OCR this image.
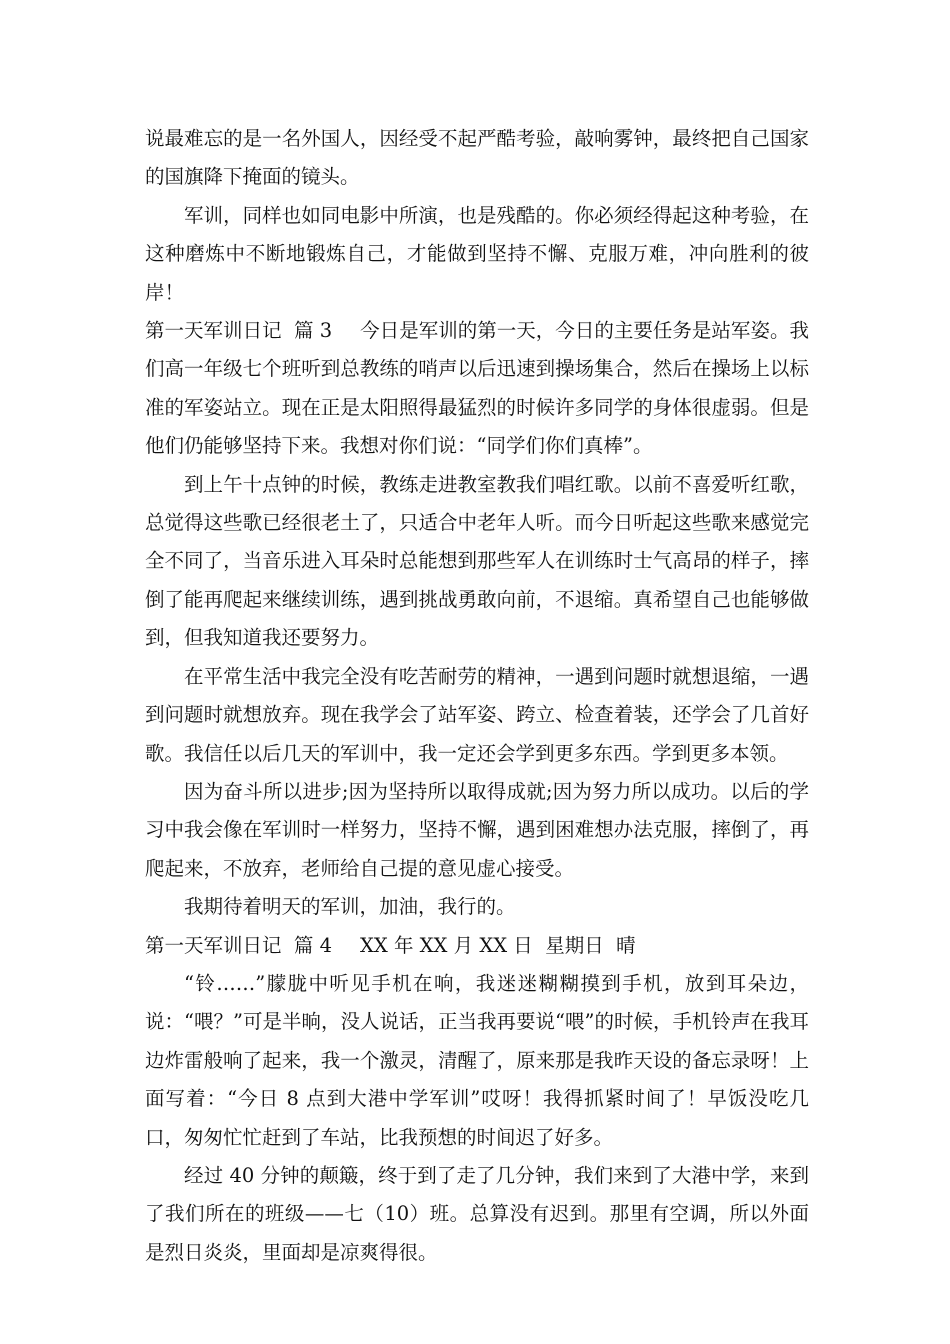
说最难忘的是一名外国人，因经受不起严酷考验，敲响雾钟，最终把自己国家的国旗降下掩面的镜头。

军训，同样也如同电影中所演，也是残酷的。你必须经得起这种考验，在这种磨炼中不断地锻炼自己，才能做到坚持不懈、克服万难，冲向胜利的彼岸！

第一天军训日记  篇 3 今日是军训的第一天，今日的主要任务是站军姿。我们高一年级七个班听到总教练的哨声以后迅速到操场集合，然后在操场上以标准的军姿站立。现在正是太阳照得最猛烈的时候许多同学的身体很虚弱。但是他们仍能够坚持下来。我想对你们说：“同学们你们真棒”。

到上午十点钟的时候，教练走进教室教我们唱红歌。以前不喜爱听红歌，总觉得这些歌已经很老土了，只适合中老年人听。而今日听起这些歌来感觉完全不同了，当音乐进入耳朵时总能想到那些军人在训练时士气高昂的样子，摔倒了能再爬起来继续训练，遇到挑战勇敢向前，不退缩。真希望自己也能够做到，但我知道我还要努力。

在平常生活中我完全没有吃苦耐劳的精神，一遇到问题时就想退缩，一遇到问题时就想放弃。现在我学会了站军姿、跨立、检查着装，还学会了几首好歌。我信任以后几天的军训中，我一定还会学到更多东西。学到更多本领。

因为奋斗所以进步;因为坚持所以取得成就;因为努力所以成功。以后的学习中我会像在军训时一样努力，坚持不懈，遇到困难想办法克服，摔倒了，再爬起来，不放弃，老师给自己提的意见虚心接受。

我期待着明天的军训，加油，我行的。

第一天军训日记  篇 4 XX 年 XX 月 XX 日  星期日  晴

“铃……”朦胧中听见手机在响，我迷迷糊糊摸到手机，放到耳朵边，说：“喂？”可是半晌，没人说话，正当我再要说“喂”的时候，手机铃声在我耳边炸雷般响了起来，我一个激灵，清醒了，原来那是我昨天设的备忘录呀！上面写着：“今日 8 点到大港中学军训”哎呀！我得抓紧时间了！早饭没吃几口，匆匆忙忙赶到了车站，比我预想的时间迟了好多。

经过 40 分钟的颠簸，终于到了走了几分钟，我们来到了大港中学，来到了我们所在的班级——七（10）班。总算没有迟到。那里有空调，所以外面是烈日炎炎，里面却是凉爽得很。
